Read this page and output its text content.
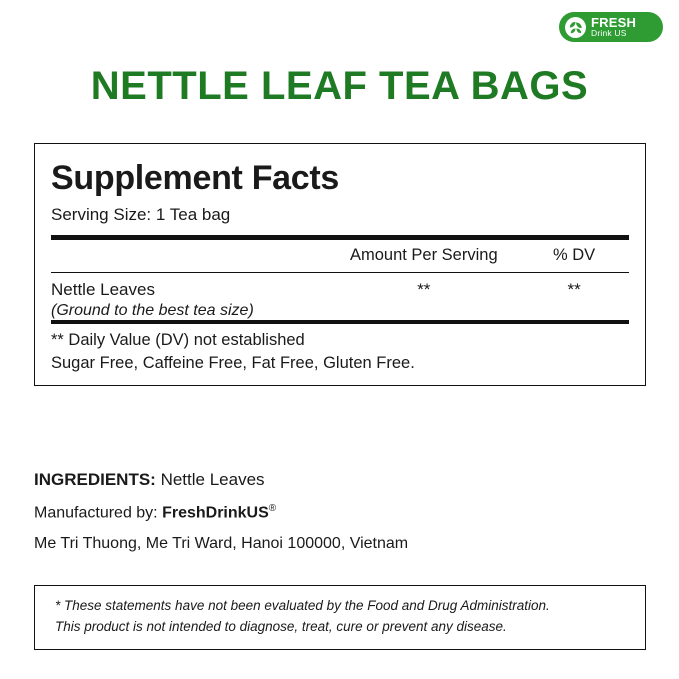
FRESH
Drink US
NETTLE LEAF TEA BAGS
Supplement Facts
Serving Size: 1 Tea bag
	Amount Per Serving	% DV
Nettle Leaves	**	**
(Ground to the best tea size)		
** Daily Value (DV) not established
Sugar Free, Caffeine Free, Fat Free, Gluten Free.
INGREDIENTS: Nettle Leaves
Manufactured by: FreshDrinkUS®
Me Tri Thuong, Me Tri Ward, Hanoi 100000, Vietnam

* These statements have not been evaluated by the Food and Drug Administration.

This product is not intended to diagnose, treat, cure or prevent any disease.
